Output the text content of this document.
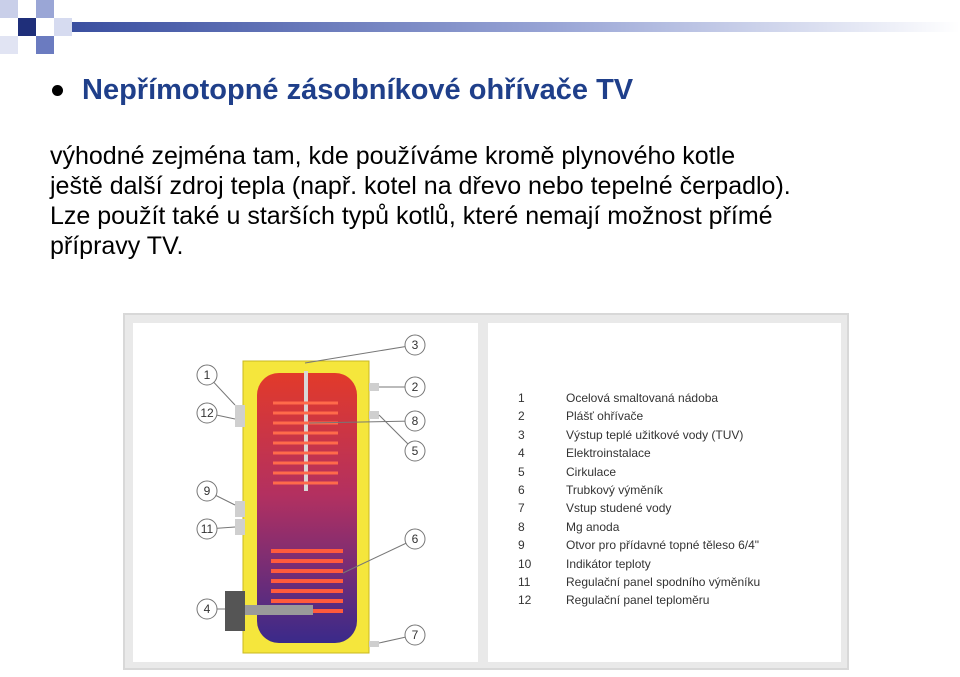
Nepřímotopné zásobníkové ohřívače TV

výhodné zejména tam, kde používáme kromě plynového kotle
ještě další zdroj tepla (např. kotel na dřevo nebo tepelné čerpadlo).
Lze použít také u starších typů kotlů, které nemají možnost přímé
přípravy TV.

1
12
9
11
4
3
2
8
5
6
7
1	Ocelová smaltovaná nádoba
2	Plášť ohřívače
3	Výstup teplé užitkové vody (TUV)
4	Elektroinstalace
5	Cirkulace
6	Trubkový výměník
7	Vstup studené vody
8	Mg anoda
9	Otvor pro přídavné topné těleso 6/4"
10	Indikátor teploty
11	Regulační panel spodního výměníku
12	Regulační panel teploměru
